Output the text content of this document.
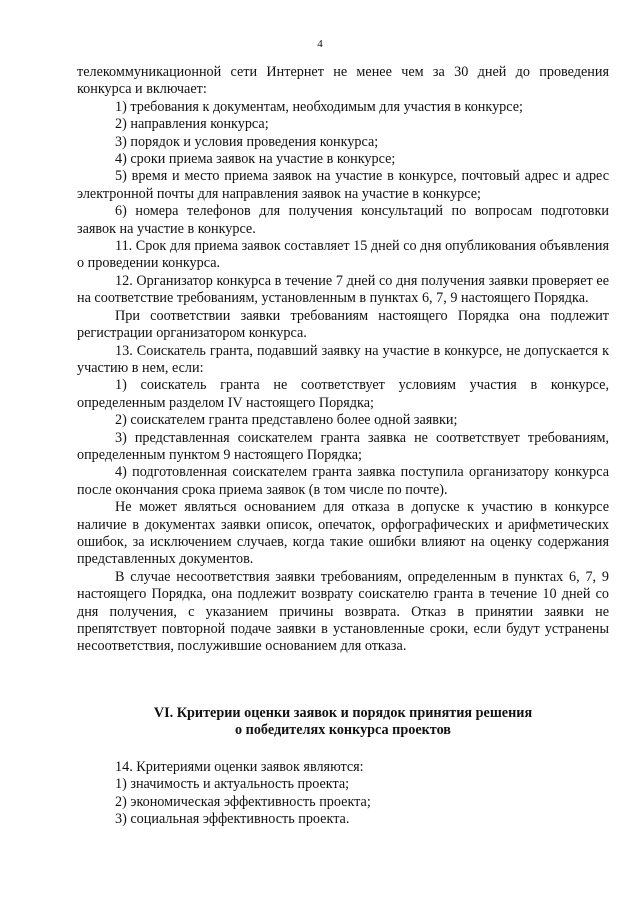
4

телекоммуникационной сети Интернет не менее чем за 30 дней до проведения конкурса и включает:

1) требования к документам, необходимым для участия в конкурсе;

2) направления конкурса;

3) порядок и условия проведения конкурса;

4) сроки приема заявок на участие в конкурсе;

5) время и место приема заявок на участие в конкурсе, почтовый адрес и адрес электронной почты для направления заявок на участие в конкурсе;

6) номера телефонов для получения консультаций по вопросам подготовки заявок на участие в конкурсе.

11. Срок для приема заявок составляет 15 дней со дня опубликования объявления о проведении конкурса.

12. Организатор конкурса в течение 7 дней со дня получения заявки проверяет ее на соответствие требованиям, установленным в пунктах 6, 7, 9 настоящего Порядка.

При соответствии заявки требованиям настоящего Порядка она подлежит регистрации организатором конкурса.

13. Соискатель гранта, подавший заявку на участие в конкурсе, не допускается к участию в нем, если:

1) соискатель гранта не соответствует условиям участия в конкурсе, определенным разделом IV настоящего Порядка;

2) соискателем гранта представлено более одной заявки;

3) представленная соискателем гранта заявка не соответствует требованиям, определенным пунктом 9 настоящего Порядка;

4) подготовленная соискателем гранта заявка поступила организатору конкурса после окончания срока приема заявок (в том числе по почте).

Не может являться основанием для отказа в допуске к участию в конкурсе наличие в документах заявки описок, опечаток, орфографических и арифметических ошибок, за исключением случаев, когда такие ошибки влияют на оценку содержания представленных документов.

В случае несоответствия заявки требованиям, определенным в пунктах 6, 7, 9 настоящего Порядка, она подлежит возврату соискателю гранта в течение 10 дней со дня получения, с указанием причины возврата. Отказ в принятии заявки не препятствует повторной подаче заявки в установленные сроки, если будут устранены несоответствия, послужившие основанием для отказа.

VI. Критерии оценки заявок и порядок принятия решения
о победителях конкурса проектов

14. Критериями оценки заявок являются:

1) значимость и актуальность проекта;

2) экономическая эффективность проекта;

3) социальная эффективность проекта.
